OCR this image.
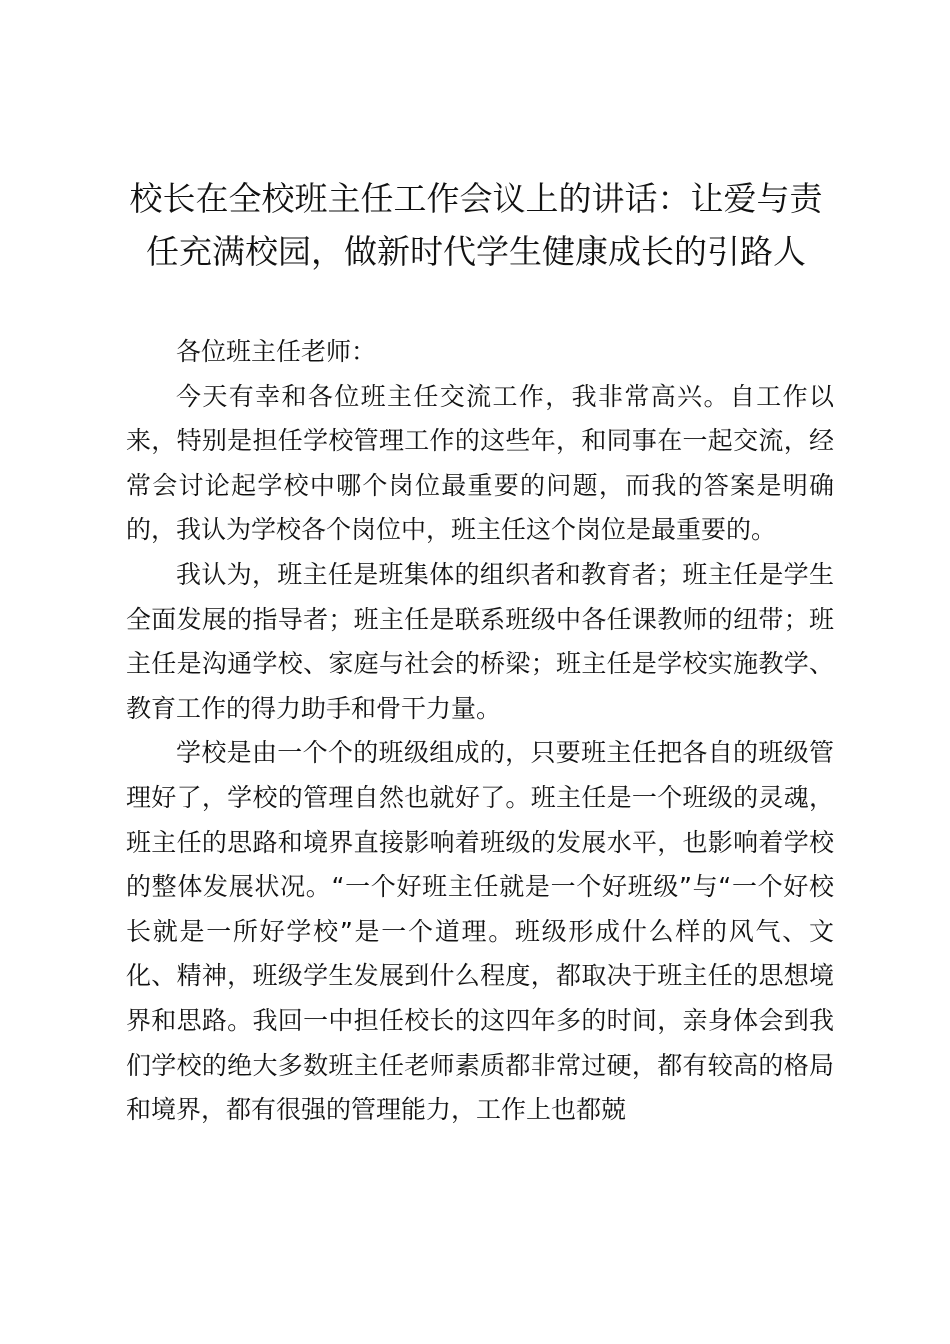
校长在全校班主任工作会议上的讲话：让爱与责任充满校园，做新时代学生健康成长的引路人

各位班主任老师：

今天有幸和各位班主任交流工作，我非常高兴。自工作以来，特别是担任学校管理工作的这些年，和同事在一起交流，经常会讨论起学校中哪个岗位最重要的问题，而我的答案是明确的，我认为学校各个岗位中，班主任这个岗位是最重要的。

我认为，班主任是班集体的组织者和教育者；班主任是学生全面发展的指导者；班主任是联系班级中各任课教师的纽带；班主任是沟通学校、家庭与社会的桥梁；班主任是学校实施教学、教育工作的得力助手和骨干力量。

学校是由一个个的班级组成的，只要班主任把各自的班级管理好了，学校的管理自然也就好了。班主任是一个班级的灵魂，班主任的思路和境界直接影响着班级的发展水平，也影响着学校的整体发展状况。“一个好班主任就是一个好班级”与“一个好校长就是一所好学校”是一个道理。班级形成什么样的风气、文化、精神，班级学生发展到什么程度，都取决于班主任的思想境界和思路。我回一中担任校长的这四年多的时间，亲身体会到我们学校的绝大多数班主任老师素质都非常过硬，都有较高的格局和境界，都有很强的管理能力，工作上也都兢
